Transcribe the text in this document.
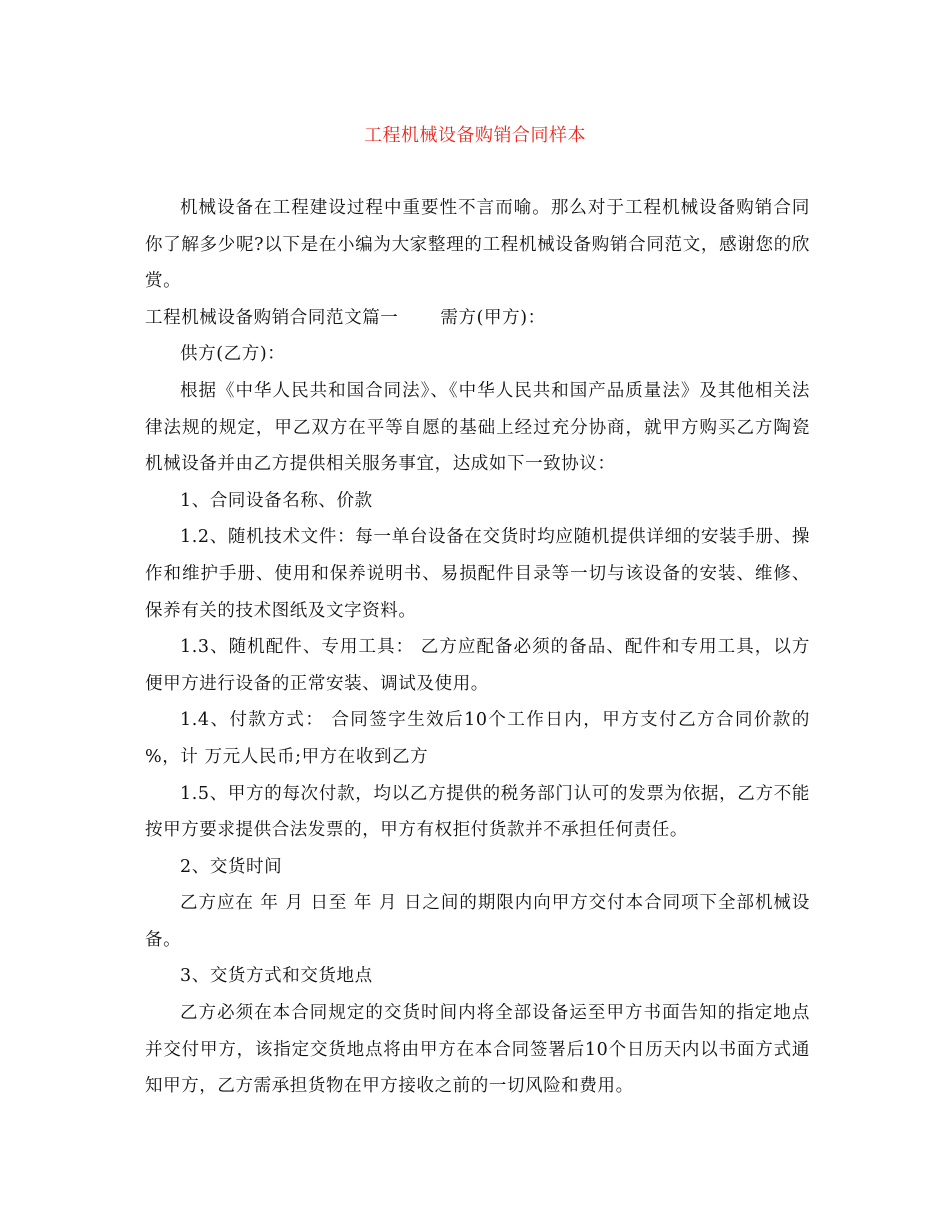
工程机械设备购销合同样本

机械设备在工程建设过程中重要性不言而喻。那么对于工程机械设备购销合同你了解多少呢?以下是在小编为大家整理的工程机械设备购销合同范文，感谢您的欣赏。

工程机械设备购销合同范文篇一 需方(甲方)：

供方(乙方)：

根据《中华人民共和国合同法》、《中华人民共和国产品质量法》及其他相关法律法规的规定，甲乙双方在平等自愿的基础上经过充分协商，就甲方购买乙方陶瓷机械设备并由乙方提供相关服务事宜，达成如下一致协议：

1、合同设备名称、价款

1.2、随机技术文件：每一单台设备在交货时均应随机提供详细的安装手册、操作和维护手册、使用和保养说明书、易损配件目录等一切与该设备的安装、维修、保养有关的技术图纸及文字资料。

1.3、随机配件、专用工具： 乙方应配备必须的备品、配件和专用工具，以方便甲方进行设备的正常安装、调试及使用。

1.4、付款方式： 合同签字生效后10个工作日内，甲方支付乙方合同价款的 %，计 万元人民币;甲方在收到乙方

1.5、甲方的每次付款，均以乙方提供的税务部门认可的发票为依据，乙方不能按甲方要求提供合法发票的，甲方有权拒付货款并不承担任何责任。

2、交货时间

乙方应在 年 月 日至 年 月 日之间的期限内向甲方交付本合同项下全部机械设备。

3、交货方式和交货地点

乙方必须在本合同规定的交货时间内将全部设备运至甲方书面告知的指定地点并交付甲方，该指定交货地点将由甲方在本合同签署后10个日历天内以书面方式通知甲方，乙方需承担货物在甲方接收之前的一切风险和费用。
